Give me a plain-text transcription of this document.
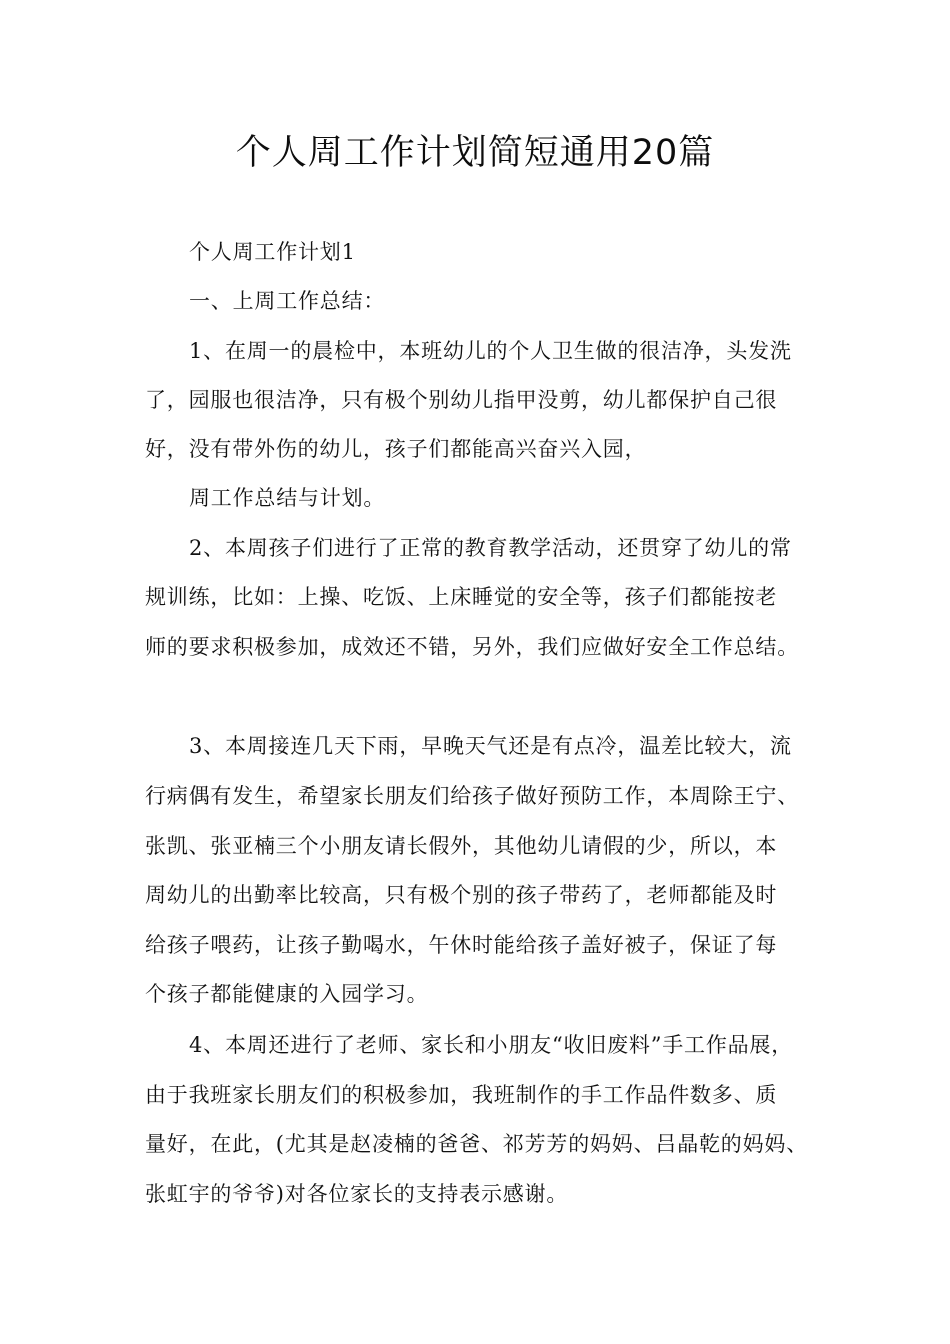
个人周工作计划简短通用20篇

个人周工作计划1

一、上周工作总结：

1、在周一的晨检中，本班幼儿的个人卫生做的很洁净，头发洗

了，园服也很洁净，只有极个别幼儿指甲没剪，幼儿都保护自己很

好，没有带外伤的幼儿，孩子们都能高兴奋兴入园，

周工作总结与计划。

2、本周孩子们进行了正常的教育教学活动，还贯穿了幼儿的常

规训练，比如：上操、吃饭、上床睡觉的安全等，孩子们都能按老

师的要求积极参加，成效还不错，另外，我们应做好安全工作总结。

3、本周接连几天下雨，早晚天气还是有点冷，温差比较大，流

行病偶有发生，希望家长朋友们给孩子做好预防工作，本周除王宁、

张凯、张亚楠三个小朋友请长假外，其他幼儿请假的少，所以，本

周幼儿的出勤率比较高，只有极个别的孩子带药了，老师都能及时

给孩子喂药，让孩子勤喝水，午休时能给孩子盖好被子，保证了每

个孩子都能健康的入园学习。

4、本周还进行了老师、家长和小朋友“收旧废料”手工作品展，

由于我班家长朋友们的积极参加，我班制作的手工作品件数多、质

量好，在此，(尤其是赵凌楠的爸爸、祁芳芳的妈妈、吕晶乾的妈妈、

张虹宇的爷爷)对各位家长的支持表示感谢。
